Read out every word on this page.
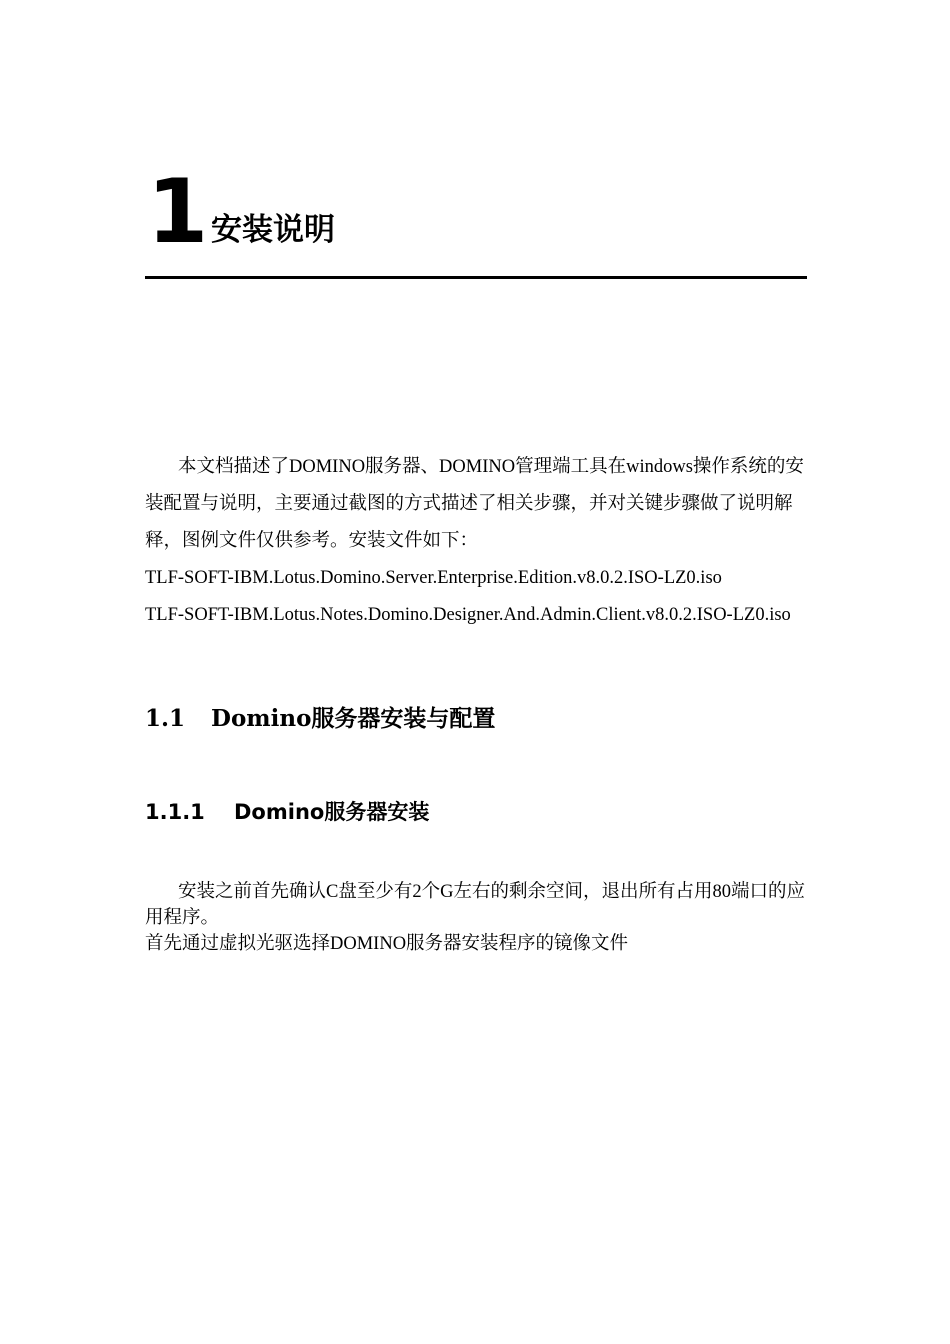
1 安装说明

本文档描述了DOMINO服务器、DOMINO管理端工具在windows操作系统的安装配置与说明，主要通过截图的方式描述了相关步骤，并对关键步骤做了说明解释，图例文件仅供参考。安装文件如下：

TLF-SOFT-IBM.Lotus.Domino.Server.Enterprise.Edition.v8.0.2.ISO-LZ0.iso

TLF-SOFT-IBM.Lotus.Notes.Domino.Designer.And.Admin.Client.v8.0.2.ISO-LZ0.iso

1.1 Domino服务器安装与配置
1.1.1 Domino服务器安装

安装之前首先确认C盘至少有2个G左右的剩余空间，退出所有占用80端口的应用程序。

首先通过虚拟光驱选择DOMINO服务器安装程序的镜像文件
